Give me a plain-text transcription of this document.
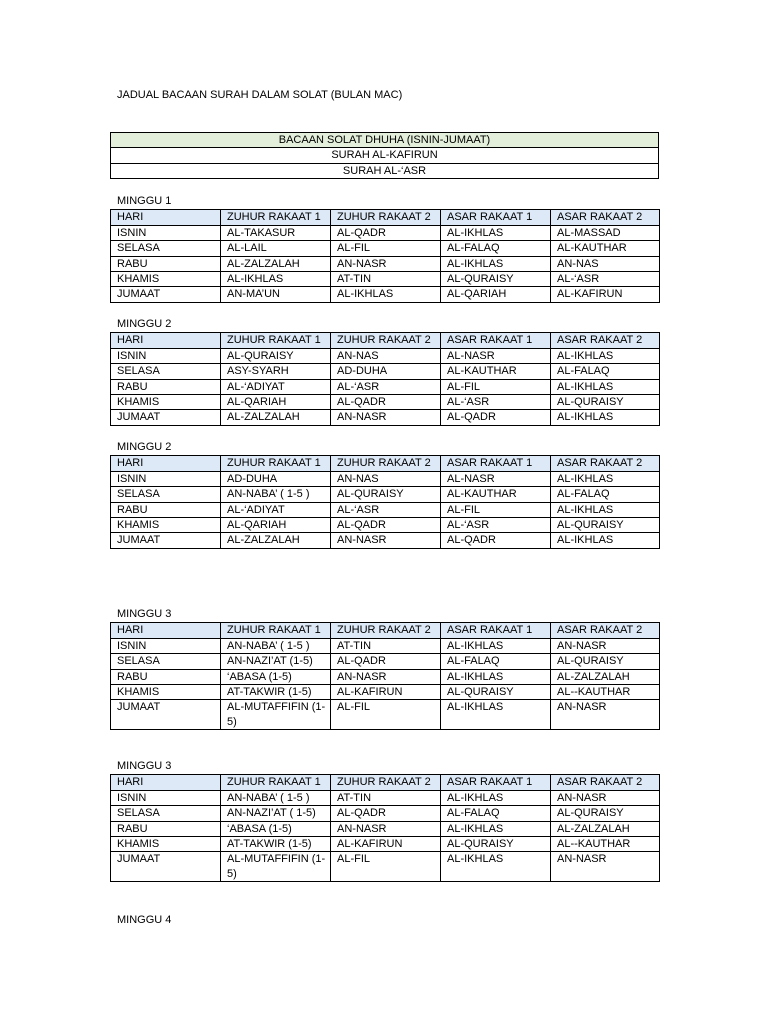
JADUAL BACAAN SURAH DALAM SOLAT (BULAN MAC)
BACAAN SOLAT DHUHA (ISNIN-JUMAAT)
SURAH AL-KAFIRUN
SURAH AL-‘ASR
MINGGU 1
HARI	ZUHUR RAKAAT 1	ZUHUR RAKAAT 2	ASAR RAKAAT 1	ASAR RAKAAT 2
ISNIN	AL-TAKASUR	AL-QADR	AL-IKHLAS	AL-MASSAD
SELASA	AL-LAIL	AL-FIL	AL-FALAQ	AL-KAUTHAR
RABU	AL-ZALZALAH	AN-NASR	AL-IKHLAS	AN-NAS
KHAMIS	AL-IKHLAS	AT-TIN	AL-QURAISY	AL-‘ASR
JUMAAT	AN-MA’UN	AL-IKHLAS	AL-QARIAH	AL-KAFIRUN
MINGGU 2
HARI	ZUHUR RAKAAT 1	ZUHUR RAKAAT 2	ASAR RAKAAT 1	ASAR RAKAAT 2
ISNIN	AL-QURAISY	AN-NAS	AL-NASR	AL-IKHLAS
SELASA	ASY-SYARH	AD-DUHA	AL-KAUTHAR	AL-FALAQ
RABU	AL-‘ADIYAT	AL-‘ASR	AL-FIL	AL-IKHLAS
KHAMIS	AL-QARIAH	AL-QADR	AL-‘ASR	AL-QURAISY
JUMAAT	AL-ZALZALAH	AN-NASR	AL-QADR	AL-IKHLAS
MINGGU 2
HARI	ZUHUR RAKAAT 1	ZUHUR RAKAAT 2	ASAR RAKAAT 1	ASAR RAKAAT 2
ISNIN	AD-DUHA	AN-NAS	AL-NASR	AL-IKHLAS
SELASA	AN-NABA’ ( 1-5 )	AL-QURAISY	AL-KAUTHAR	AL-FALAQ
RABU	AL-‘ADIYAT	AL-‘ASR	AL-FIL	AL-IKHLAS
KHAMIS	AL-QARIAH	AL-QADR	AL-‘ASR	AL-QURAISY
JUMAAT	AL-ZALZALAH	AN-NASR	AL-QADR	AL-IKHLAS
MINGGU 3
HARI	ZUHUR RAKAAT 1	ZUHUR RAKAAT 2	ASAR RAKAAT 1	ASAR RAKAAT 2
ISNIN	AN-NABA’ ( 1-5 )	AT-TIN	AL-IKHLAS	AN-NASR
SELASA	AN-NAZI’AT (1-5)	AL-QADR	AL-FALAQ	AL-QURAISY
RABU	‘ABASA (1-5)	AN-NASR	AL-IKHLAS	AL-ZALZALAH
KHAMIS	AT-TAKWIR (1-5)	AL-KAFIRUN	AL-QURAISY	AL--KAUTHAR
JUMAAT	AL-MUTAFFIFIN (1-5)	AL-FIL	AL-IKHLAS	AN-NASR
MINGGU 3
HARI	ZUHUR RAKAAT 1	ZUHUR RAKAAT 2	ASAR RAKAAT 1	ASAR RAKAAT 2
ISNIN	AN-NABA’ ( 1-5 )	AT-TIN	AL-IKHLAS	AN-NASR
SELASA	AN-NAZI’AT ( 1-5)	AL-QADR	AL-FALAQ	AL-QURAISY
RABU	‘ABASA (1-5)	AN-NASR	AL-IKHLAS	AL-ZALZALAH
KHAMIS	AT-TAKWIR (1-5)	AL-KAFIRUN	AL-QURAISY	AL--KAUTHAR
JUMAAT	AL-MUTAFFIFIN (1-5)	AL-FIL	AL-IKHLAS	AN-NASR
MINGGU 4
